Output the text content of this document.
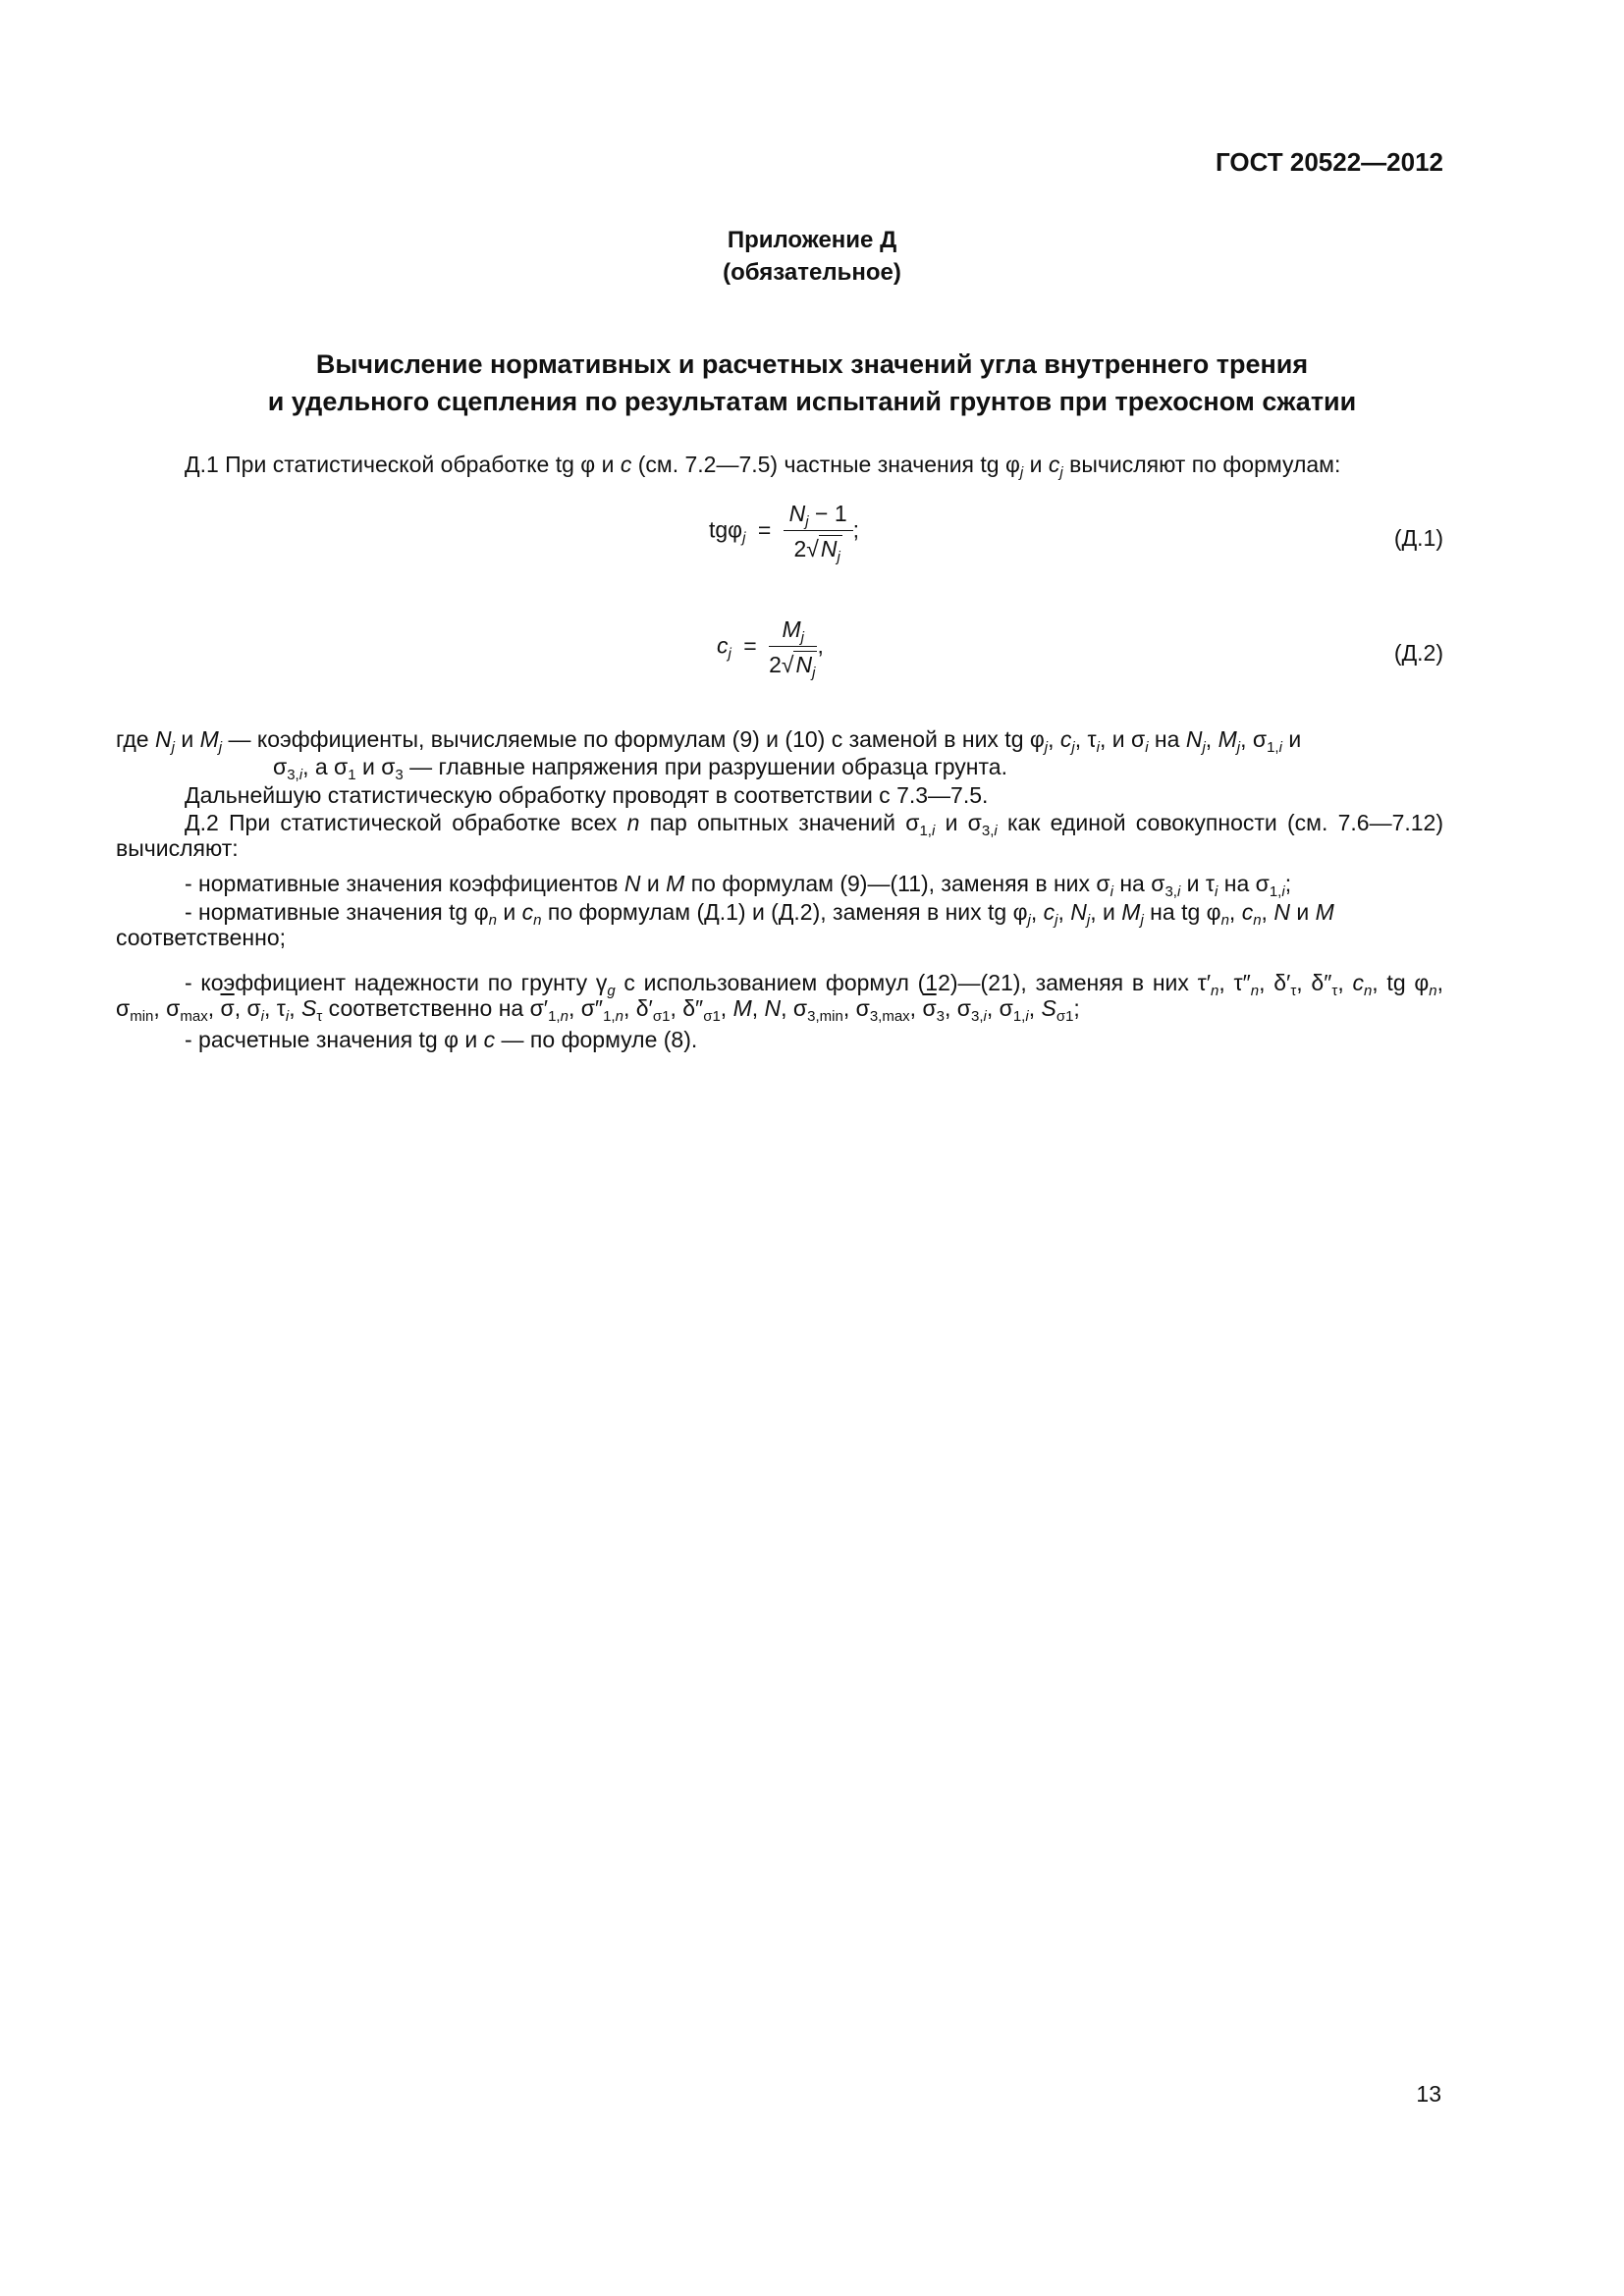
ГОСТ 20522—2012
Приложение Д
(обязательное)
Вычисление нормативных и расчетных значений угла внутреннего трения
и удельного сцепления по результатам испытаний грунтов при трехосном сжатии
Д.1 При статистической обработке tg φ и c (см. 7.2—7.5) частные значения tg $\varphi_j$ и $c_j$ вычисляют по формулам:
$tg\varphi_j = \frac{N_j - 1}{2√N_j}$ ;	(Д.1)
$c_j = \frac{M_j}{2√N_j}$ ,	(Д.2)
где $N_j$ и $M_j$ — коэффициенты, вычисляемые по формулам (9) и (10) с заменой в них tg $\varphi_j$, $c_j$, $\tau_i$, и $\sigma_i$ на $N_j$, $M_j$, $\sigma_{1,i}$ и
$\sigma_{3,i}$, а $\sigma_1$ и $\sigma_3$ — главные напряжения при разрушении образца грунта.
Дальнейшую статистическую обработку проводят в соответствии с 7.3—7.5.
Д.2 При статистической обработке всех n пар опытных значений $\sigma_{1,i}$ и $\sigma_{3,i}$ как единой совокупности (см. 7.6—7.12) вычисляют:
- нормативные значения коэффициентов N и M по формулам (9)—(11), заменяя в них $\sigma_i$ на $\sigma_{3,i}$ и $\tau_i$ на $\sigma_{1,i}$;
- нормативные значения tg $\varphi_n$ и $c_n$ по формулам (Д.1) и (Д.2), заменяя в них tg $\varphi_j$, $c_j$, $N_j$, и $M_j$ на tg $\varphi_n$, $c_n$, N и M соответственно;
- коэффициент надежности по грунту $\gamma_g$ с использованием формул (12)—(21), заменяя в них $\tau'_n$, $\tau''_n$, $\delta'_\tau$, $\delta''_\tau$, $c_n$, tg $\varphi_n$, $\sigma_{min}$, $\sigma_{max}$, $\overline{\sigma}$, $\sigma_i$, $\tau_i$, $S_\tau$ соответственно на $\sigma'_{1,n}$, $\sigma''_{1,n}$, $\delta'_{\sigma 1}$, $\delta''_{\sigma 1}$, M, N, $\sigma_{3,min}$, $\sigma_{3,max}$, $\overline{\sigma}_3$, $\sigma_{3,i}$, $\sigma_{1,i}$, $S_{\sigma 1}$;
- расчетные значения tg φ и c — по формуле (8).
13
